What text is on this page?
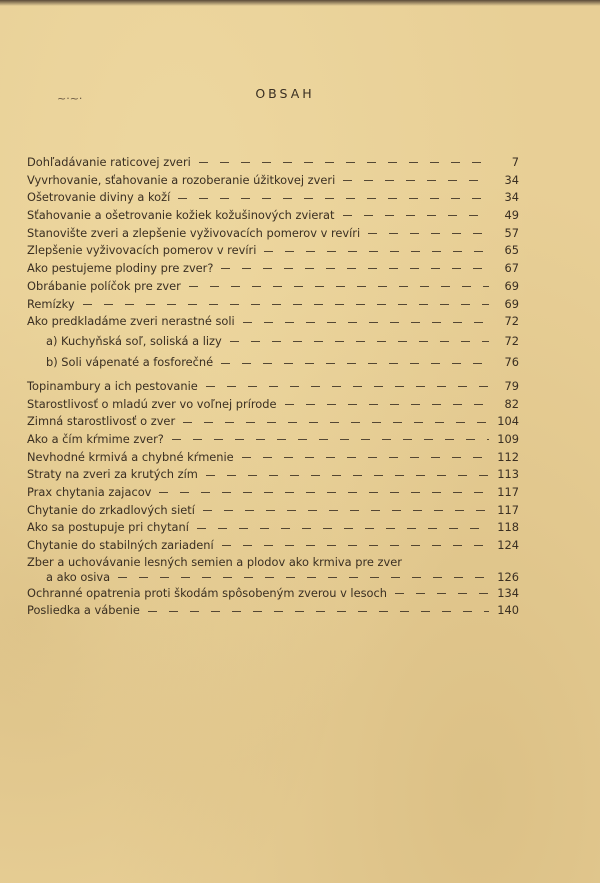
~·~·	OBSAH
Dohľadávanie raticovej zveri	7
Vyvrhovanie, sťahovanie a rozoberanie úžitkovej zveri	34
Ošetrovanie diviny a koží	34
Sťahovanie a ošetrovanie kožiek kožušinových zvierat	49
Stanovište zveri a zlepšenie vyživovacích pomerov v revíri	57
Zlepšenie vyživovacích pomerov v revíri	65
Ako pestujeme plodiny pre zver?	67
Obrábanie políčok pre zver	69
Remízky	69
Ako predkladáme zveri nerastné soli	72
a) Kuchyňská soľ, soliská a lizy	72
b) Soli vápenaté a fosforečné	76
Topinambury a ich pestovanie	79
Starostlivosť o mladú zver vo voľnej prírode	82
Zimná starostlivosť o zver	104
Ako a čím kŕmime zver?	109
Nevhodné krmivá a chybné kŕmenie	112
Straty na zveri za krutých zím	113
Prax chytania zajacov	117
Chytanie do zrkadlových sietí	117
Ako sa postupuje pri chytaní	118
Chytanie do stabilných zariadení	124
Zber a uchovávanie lesných semien a plodov ako krmiva pre zver
a ako osiva	126
Ochranné opatrenia proti škodám spôsobeným zverou v lesoch	134
Posliedka a vábenie	140
